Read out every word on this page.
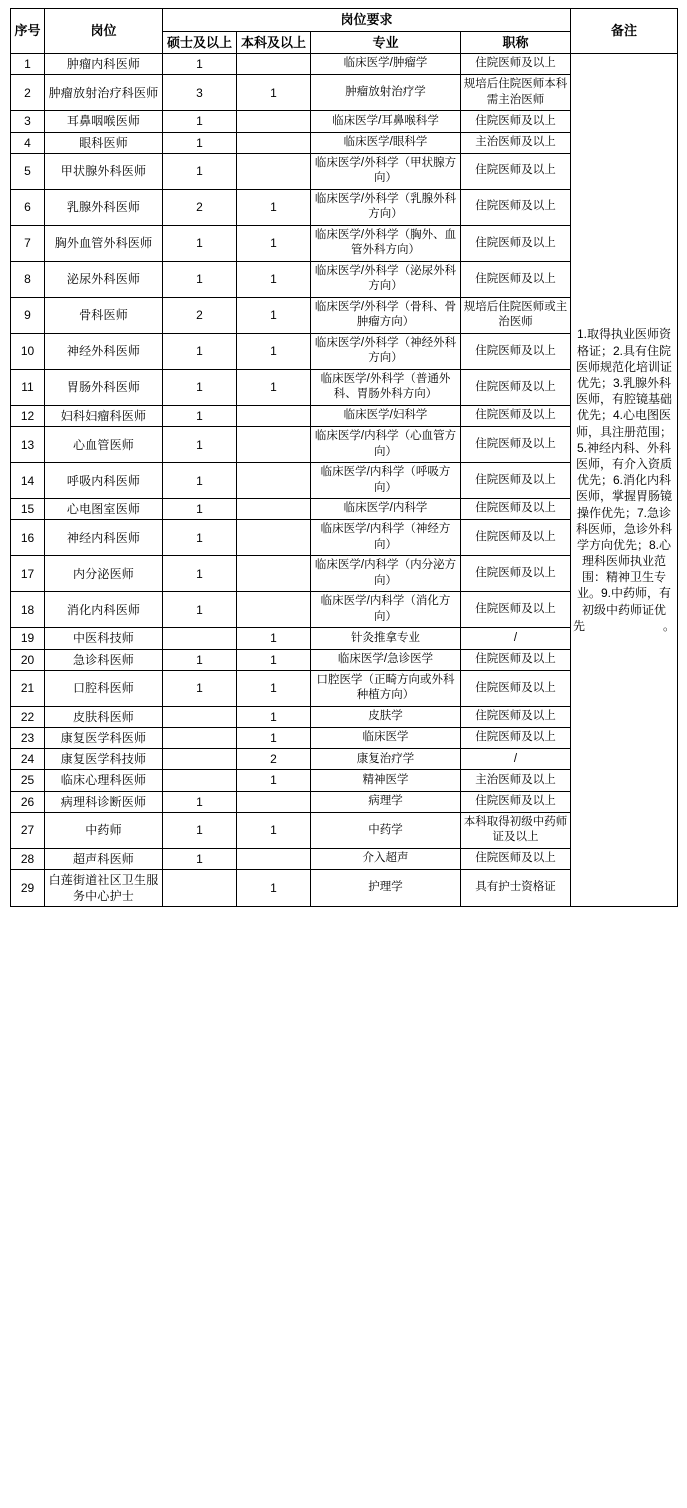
序号	岗位	岗位要求				备注
		硕士及以上	本科及以上	专业	职称	
1	肿瘤内科医师	1		临床医学/肿瘤学	住院医师及以上	1.取得执业医师资格证；2.具有住院医师规范化培训证优先；3.乳腺外科医师，有腔镜基础优先；4.心电图医师，具注册范围；5.神经内科、外科医师，有介入资质优先；6.消化内科医师，掌握胃肠镜操作优先；7.急诊科医师，急诊外科学方向优先；8.心理科医师执业范围：精神卫生专业。9.中药师，有初级中药师证优先。

2	肿瘤放射治疗科医师	3	1	肿瘤放射治疗学	规培后住院医师本科需主治医师	
3	耳鼻咽喉医师	1		临床医学/耳鼻喉科学	住院医师及以上	
4	眼科医师	1		临床医学/眼科学	主治医师及以上	
5	甲状腺外科医师	1		临床医学/外科学（甲状腺方向）	住院医师及以上	
6	乳腺外科医师	2	1	临床医学/外科学（乳腺外科方向）	住院医师及以上	
7	胸外血管外科医师	1	1	临床医学/外科学（胸外、血管外科方向）	住院医师及以上	
8	泌尿外科医师	1	1	临床医学/外科学（泌尿外科方向）	住院医师及以上	
9	骨科医师	2	1	临床医学/外科学（骨科、骨肿瘤方向）	规培后住院医师或主治医师	
10	神经外科医师	1	1	临床医学/外科学（神经外科方向）	住院医师及以上	
11	胃肠外科医师	1	1	临床医学/外科学（普通外科、胃肠外科方向）	住院医师及以上	
12	妇科妇瘤科医师	1		临床医学/妇科学	住院医师及以上	
13	心血管医师	1		临床医学/内科学（心血管方向）	住院医师及以上	
14	呼吸内科医师	1		临床医学/内科学（呼吸方向）	住院医师及以上	
15	心电图室医师	1		临床医学/内科学	住院医师及以上	
16	神经内科医师	1		临床医学/内科学（神经方向）	住院医师及以上	
17	内分泌医师	1		临床医学/内科学（内分泌方向）	住院医师及以上	
18	消化内科医师	1		临床医学/内科学（消化方向）	住院医师及以上	
19	中医科技师		1	针灸推拿专业	/	
20	急诊科医师	1	1	临床医学/急诊医学	住院医师及以上	
21	口腔科医师	1	1	口腔医学（正畸方向或外科种植方向）	住院医师及以上	
22	皮肤科医师		1	皮肤学	住院医师及以上	
23	康复医学科医师		1	临床医学	住院医师及以上	
24	康复医学科技师		2	康复治疗学	/	
25	临床心理科医师		1	精神医学	主治医师及以上	
26	病理科诊断医师	1		病理学	住院医师及以上	
27	中药师	1	1	中药学	本科取得初级中药师证及以上	
28	超声科医师	1		介入超声	住院医师及以上	
29	白莲街道社区卫生服务中心护士		1	护理学	具有护士资格证	
